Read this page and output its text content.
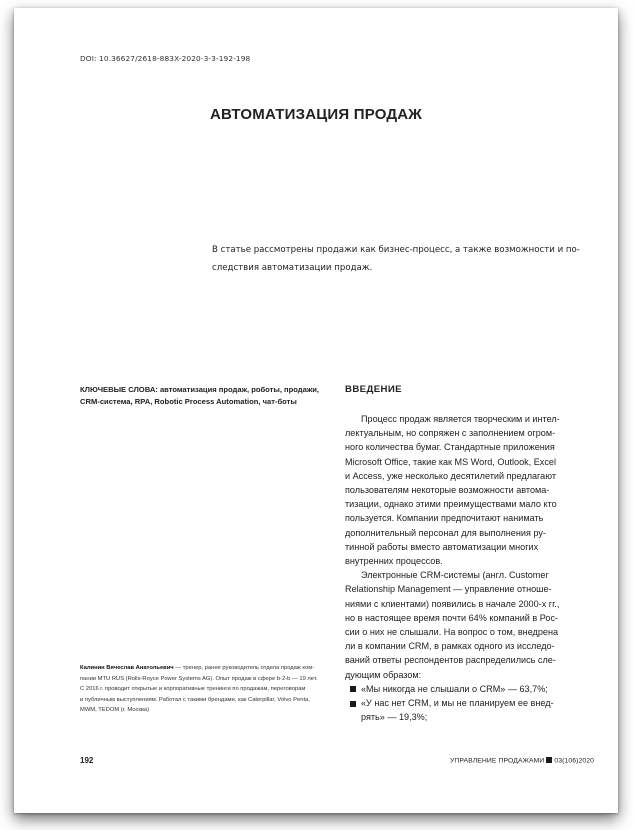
DOI: 10.36627/2618-883X-2020-3-3-192-198
АВТОМАТИЗАЦИЯ ПРОДАЖ
В статье рассмотрены продажи как бизнес-процесс, а также возможности и по-
следствия автоматизации продаж.
КЛЮЧЕВЫЕ СЛОВА: автоматизация продаж, роботы, продажи,
CRM-система, RPA, Robotic Process Automation, чат-боты
Калинин Вячеслав Анатольевич — тренер, ранее руководитель отдела продаж ком-
пании MTU RUS (Rolls-Royce Power Systems AG). Опыт продаж в сфере b-2-b — 19 лет.
С 2016 г. проводит открытые и корпоративные тренинги по продажам, переговорам
и публичным выступлениям. Работал с такими брендами, как Caterpillar, Volvo Penta,
MWM, TEDOM (г. Москва)
ВВЕДЕНИЕ

Процесс продаж является творческим и интел-
лектуальным, но сопряжен с заполнением огром-
ного количества бумаг. Стандартные приложения
Microsoft Office, такие как MS Word, Outlook, Excel
и Access, уже несколько десятилетий предлагают
пользователям некоторые возможности автома-
тизации, однако этими преимуществами мало кто
пользуется. Компании предпочитают нанимать
дополнительный персонал для выполнения ру-
тинной работы вместо автоматизации многих
внутренних процессов.

Электронные CRM-системы (англ. Customer
Relationship Management — управление отноше-
ниями с клиентами) появились в начале 2000-х гг.,
но в настоящее время почти 64% компаний в Рос-
сии о них не слышали. На вопрос о том, внедрена
ли в компании CRM, в рамках одного из исследо-
ваний ответы респондентов распределились сле-
дующим образом:

«Мы никогда не слышали о CRM» — 63,7%;
«У нас нет CRM, и мы не планируем ее внед-
рять» — 19,3%;
192	УПРАВЛЕНИЕ ПРОДАЖАМИ 03(106)2020
